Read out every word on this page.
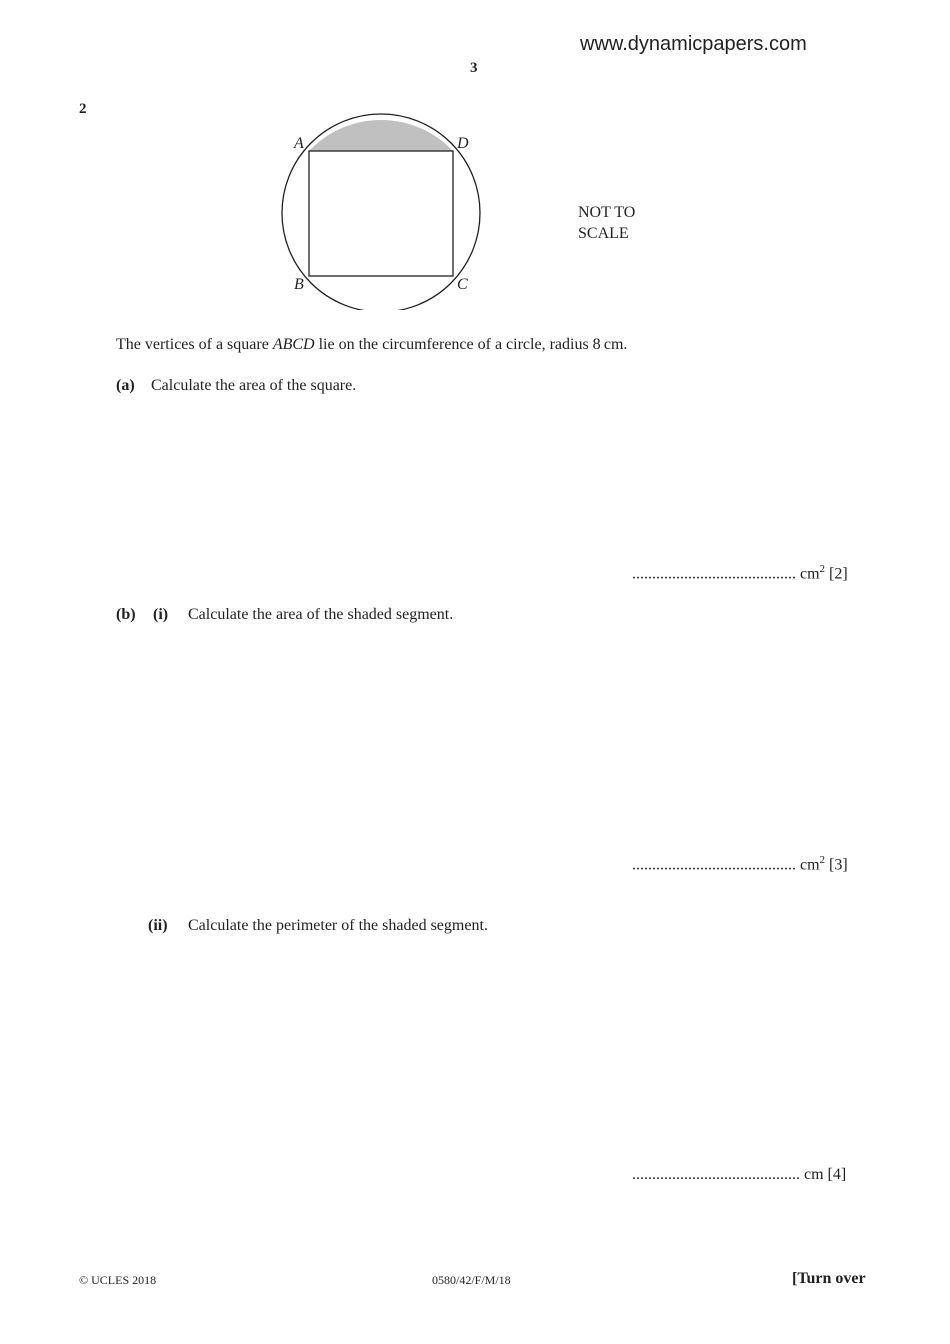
www.dynamicpapers.com
3
2
A	D
B	C
NOT TO
SCALE
The vertices of a square ABCD lie on the circumference of a circle, radius 8 cm.
(a) Calculate the area of the square.
......................................... $cm^2$ [2]
(b) (i) Calculate the area of the shaded segment.
......................................... $cm^2$ [3]
(ii) Calculate the perimeter of the shaded segment.
.......................................... cm [4]
© UCLES 2018	0580/42/F/M/18	[Turn over
